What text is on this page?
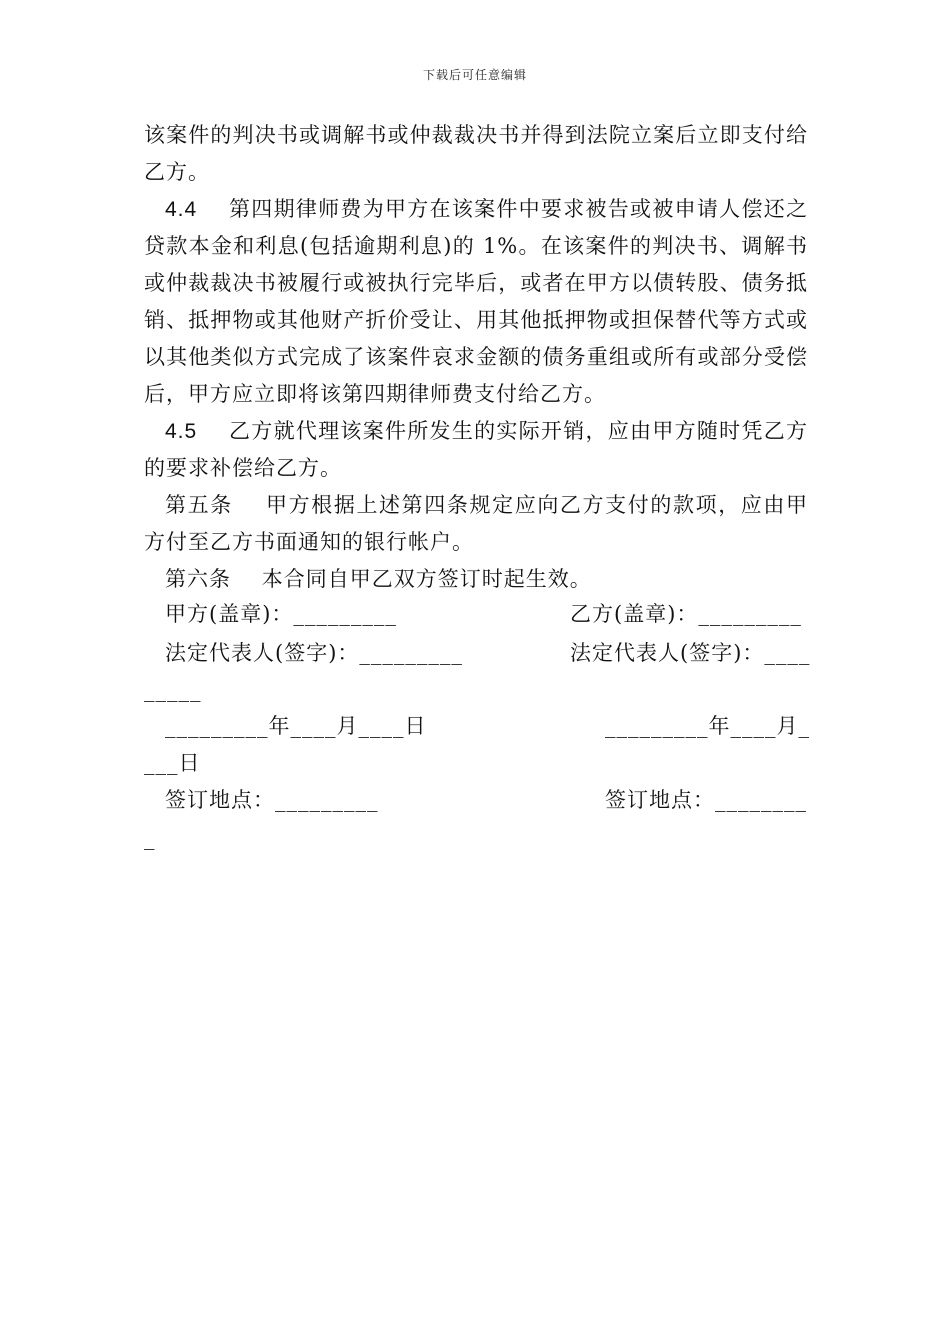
下载后可任意编辑

该案件的判决书或调解书或仲裁裁决书并得到法院立案后立即支付给乙方。

4.4 第四期律师费为甲方在该案件中要求被告或被申请人偿还之贷款本金和利息(包括逾期利息)的 1%。在该案件的判决书、调解书或仲裁裁决书被履行或被执行完毕后，或者在甲方以债转股、债务抵销、抵押物或其他财产折价受让、用其他抵押物或担保替代等方式或以其他类似方式完成了该案件哀求金额的债务重组或所有或部分受偿后，甲方应立即将该第四期律师费支付给乙方。

4.5 乙方就代理该案件所发生的实际开销，应由甲方随时凭乙方的要求补偿给乙方。

第五条 甲方根据上述第四条规定应向乙方支付的款项，应由甲方付至乙方书面通知的银行帐户。

第六条 本合同自甲乙双方签订时起生效。

甲方(盖章)：_________	乙方(盖章)：_________
法定代表人(签字)：_________	法定代表人(签字)：____
_____
_________年____月____日	_________年____月_
___日
签订地点：_________	签订地点：________
_
